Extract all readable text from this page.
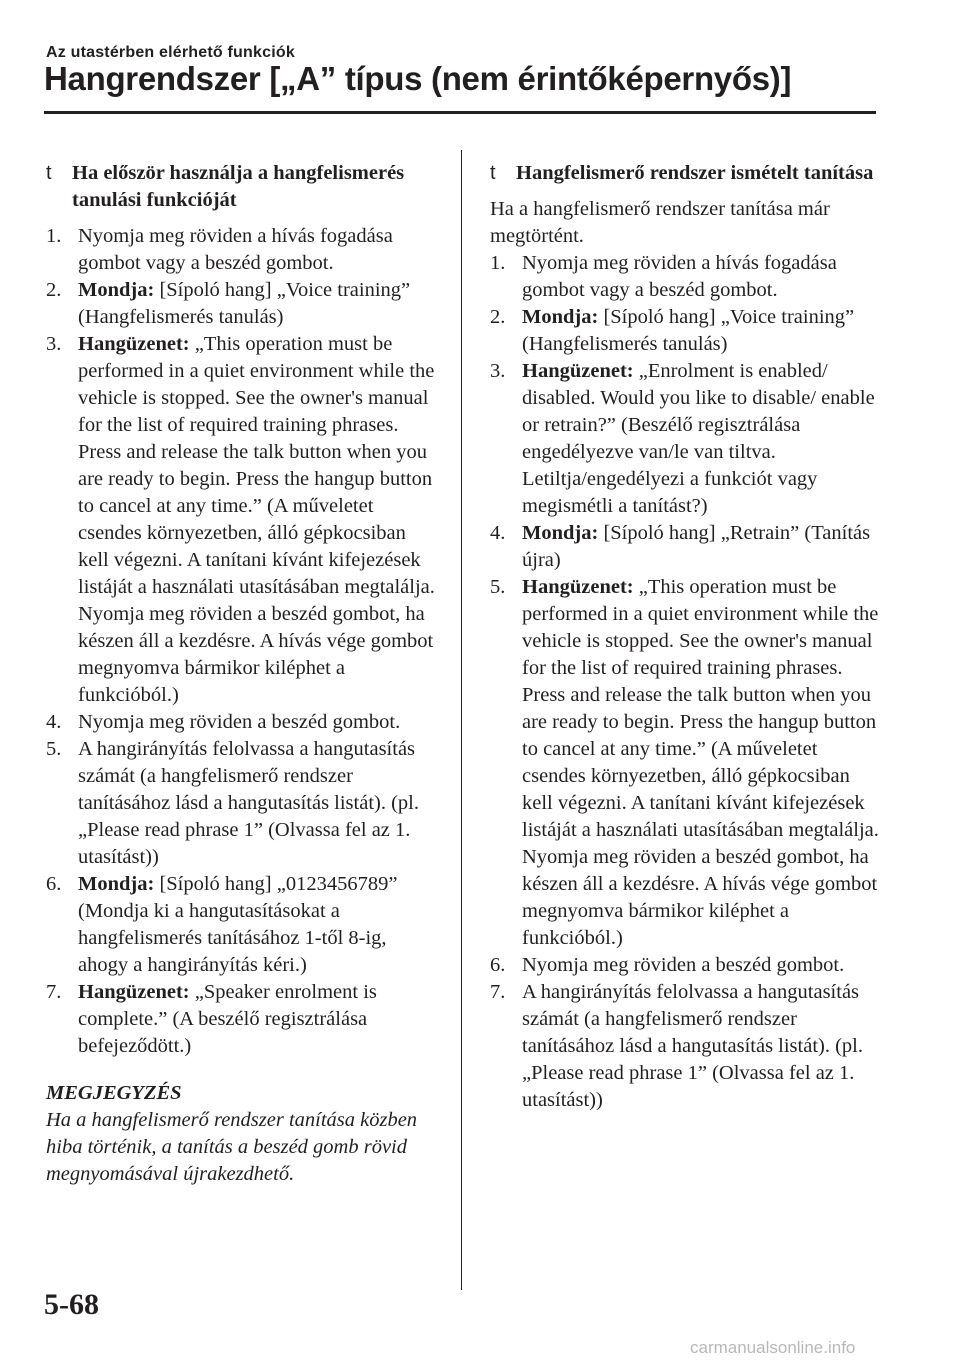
Az utastérben elérhető funkciók
Hangrendszer [„A” típus (nem érintőképernyős)]
t Ha először használja a hangfelismerés tanulási funkcióját
1. Nyomja meg röviden a hívás fogadása gombot vagy a beszéd gombot.
2. Mondja: [Sípoló hang] „Voice training” (Hangfelismerés tanulás)
3. Hangüzenet: „This operation must be performed in a quiet environment while the vehicle is stopped. See the owner's manual for the list of required training phrases. Press and release the talk button when you are ready to begin. Press the hangup button to cancel at any time.” (A műveletet csendes környezetben, álló gépkocsiban kell végezni. A tanítani kívánt kifejezések listáját a használati utasításában megtalálja. Nyomja meg röviden a beszéd gombot, ha készen áll a kezdésre. A hívás vége gombot megnyomva bármikor kiléphet a funkcióból.)
4. Nyomja meg röviden a beszéd gombot.
5. A hangirányítás felolvassa a hangutasítás számát (a hangfelismerő rendszer tanításához lásd a hangutasítás listát). (pl. „Please read phrase 1” (Olvassa fel az 1. utasítást))
6. Mondja: [Sípoló hang] „0123456789” (Mondja ki a hangutasításokat a hangfelismerés tanításához 1-től 8-ig, ahogy a hangirányítás kéri.)
7. Hangüzenet: „Speaker enrolment is complete.” (A beszélő regisztrálása befejeződött.)

MEGJEGYZÉS

Ha a hangfelismerő rendszer tanítása közben hiba történik, a tanítás a beszéd gomb rövid megnyomásával újrakezdhető.

t Hangfelismerő rendszer ismételt tanítása

Ha a hangfelismerő rendszer tanítása már megtörtént.

1. Nyomja meg röviden a hívás fogadása gombot vagy a beszéd gombot.
2. Mondja: [Sípoló hang] „Voice training” (Hangfelismerés tanulás)
3. Hangüzenet: „Enrolment is enabled/ disabled. Would you like to disable/ enable or retrain?” (Beszélő regisztrálása engedélyezve van/le van tiltva. Letiltja/engedélyezi a funkciót vagy megismétli a tanítást?)
4. Mondja: [Sípoló hang] „Retrain” (Tanítás újra)
5. Hangüzenet: „This operation must be performed in a quiet environment while the vehicle is stopped. See the owner's manual for the list of required training phrases. Press and release the talk button when you are ready to begin. Press the hangup button to cancel at any time.” (A műveletet csendes környezetben, álló gépkocsiban kell végezni. A tanítani kívánt kifejezések listáját a használati utasításában megtalálja. Nyomja meg röviden a beszéd gombot, ha készen áll a kezdésre. A hívás vége gombot megnyomva bármikor kiléphet a funkcióból.)
6. Nyomja meg röviden a beszéd gombot.
7. A hangirányítás felolvassa a hangutasítás számát (a hangfelismerő rendszer tanításához lásd a hangutasítás listát). (pl. „Please read phrase 1” (Olvassa fel az 1. utasítást))
5-68
carmanualsonline.info
